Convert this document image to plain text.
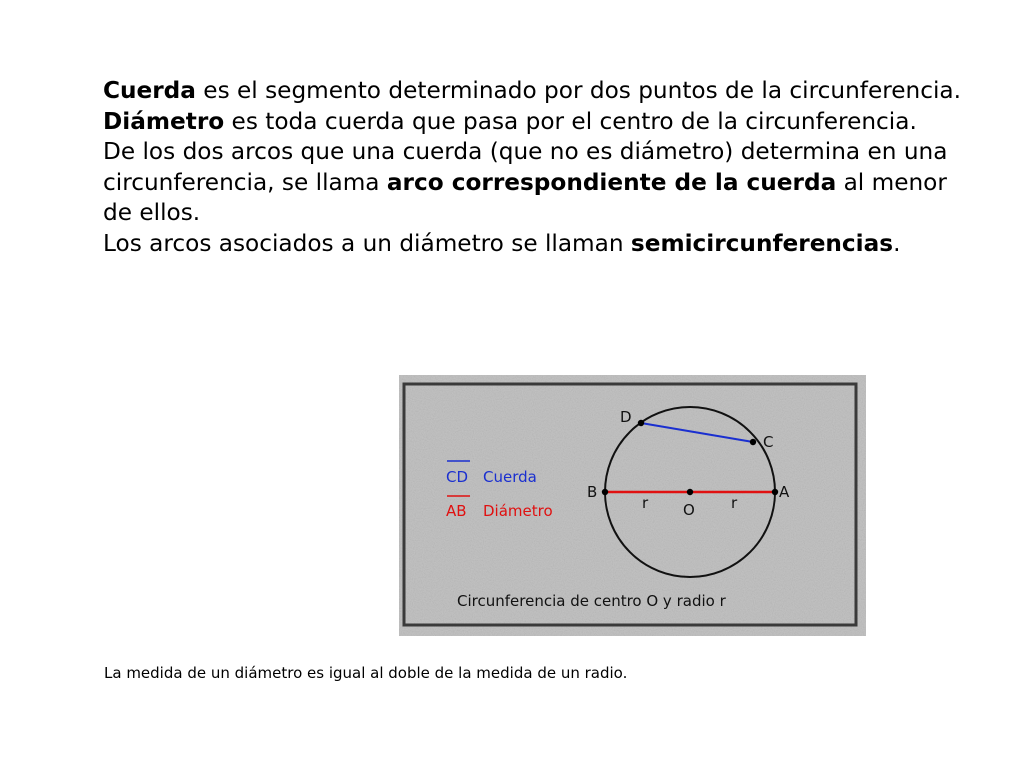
Cuerda es el segmento determinado por dos puntos de la circunferencia.

Diámetro es toda cuerda que pasa por el centro de la circunferencia.

De los dos arcos que una cuerda (que no es diámetro) determina en una circunferencia, se llama arco correspondiente de la cuerda al menor de ellos.

Los arcos asociados a un diámetro se llaman semicircunferencias.

D
C
B	A
O
r	r
CD Cuerda
AB Diámetro
Circunferencia de centro O y radio r
La medida de un diámetro es igual al doble de la medida de un radio.
